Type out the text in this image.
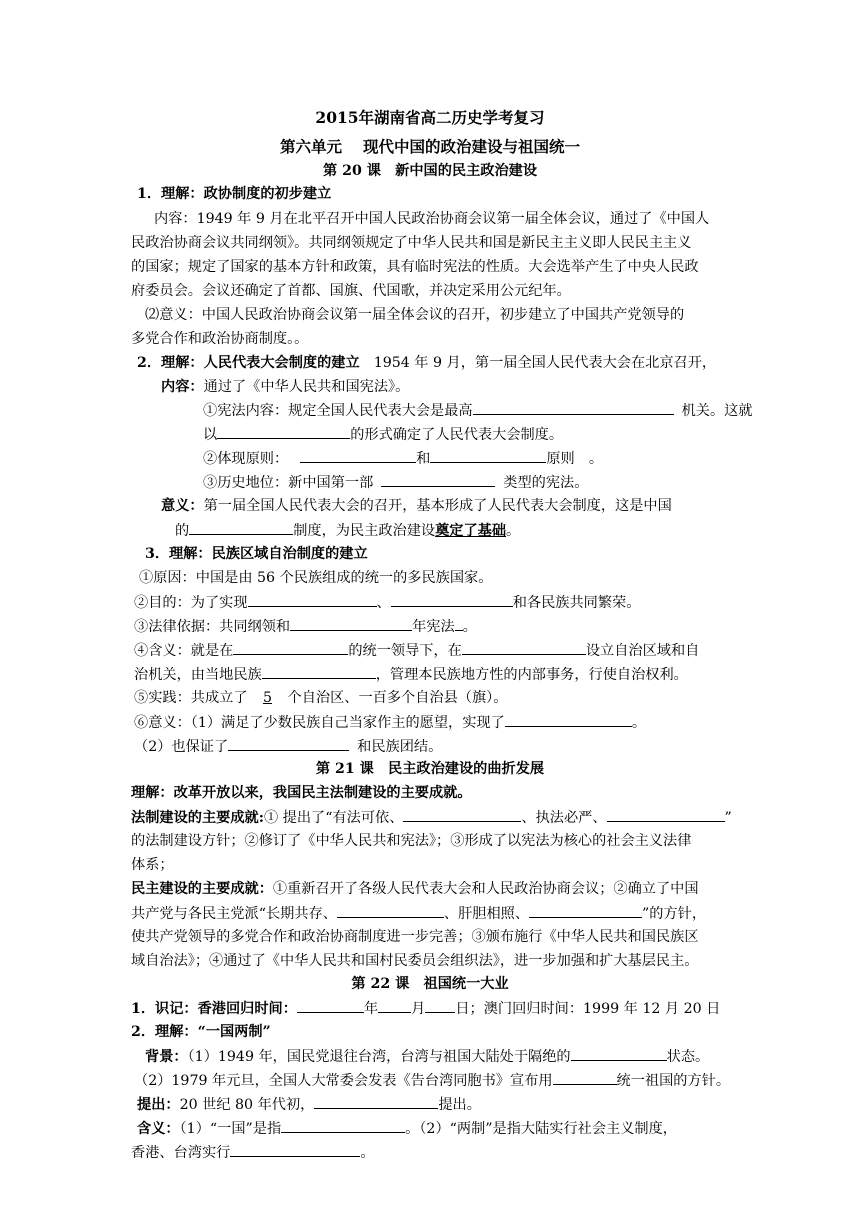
2015年湖南省高二历史学考复习
第六单元　 现代中国的政治建设与祖国统一
第 20 课　新中国的民主政治建设
1．理解：政协制度的初步建立
内容：1949 年 9 月在北平召开中国人民政治协商会议第一届全体会议，通过了《中国人
民政治协商会议共同纲领》。共同纲领规定了中华人民共和国是新民主主义即人民民主主义
的国家；规定了国家的基本方针和政策，具有临时宪法的性质。大会选举产生了中央人民政
府委员会。会议还确定了首都、国旗、代国歌，并决定采用公元纪年。
⑵意义：中国人民政治协商会议第一届全体会议的召开，初步建立了中国共产党领导的
多党合作和政治协商制度。。
2．理解：人民代表大会制度的建立 1954 年 9 月，第一届全国人民代表大会在北京召开，
内容：通过了《中华人民共和国宪法》。
①宪法内容：规定全国人民代表大会是最高	机关。这就
以	的形式确定了人民代表大会制度。
②体现原则：	和	原则　。
③历史地位：新中国第一部	类型的宪法。
意义：第一届全国人民代表大会的召开，基本形成了人民代表大会制度，这是中国
的	制度，为民主政治建设奠定了基础。
3．理解：民族区域自治制度的建立
①原因：中国是由 56 个民族组成的统一的多民族国家。
②目的：为了实现	、	和各民族共同繁荣。
③法律依据：共同纲领和	年宪法 。
④含义：就是在	的统一领导下，在	设立自治区域和自
治机关，由当地民族	，管理本民族地方性的内部事务，行使自治权利。
⑤实践：共成立了 5 个自治区、一百多个自治县（旗）。
⑥意义：（1）满足了少数民族自己当家作主的愿望，实现了	。
（2）也保证了	和民族团结。
第 21 课　民主政治建设的曲折发展
理解：改革开放以来，我国民主法制建设的主要成就。
法制建设的主要成就:① 提出了“有法可依、	、执法必严、	”
的法制建设方针；②修订了《中华人民共和宪法》；③形成了以宪法为核心的社会主义法律
体系；
民主建设的主要成就：①重新召开了各级人民代表大会和人民政治协商会议；②确立了中国
共产党与各民主党派“长期共存、	、肝胆相照、	”的方针，
使共产党领导的多党合作和政治协商制度进一步完善；③颁布施行《中华人民共和国民族区
域自治法》；④通过了《中华人民共和国村民委员会组织法》，进一步加强和扩大基层民主。
第 22 课　祖国统一大业
1．识记：香港回归时间：	年 月 日；澳门回归时间：1999 年 12 月 20 日
2．理解：“一国两制”
背景：（1）1949 年，国民党退往台湾，台湾与祖国大陆处于隔绝的	状态。
（2）1979 年元旦，全国人大常委会发表《告台湾同胞书》宣布用	统一祖国的方针。
提出：20 世纪 80 年代初，	提出。
含义：（1）“一国”是指	。（2）“两制”是指大陆实行社会主义制度，
香港、台湾实行	。
